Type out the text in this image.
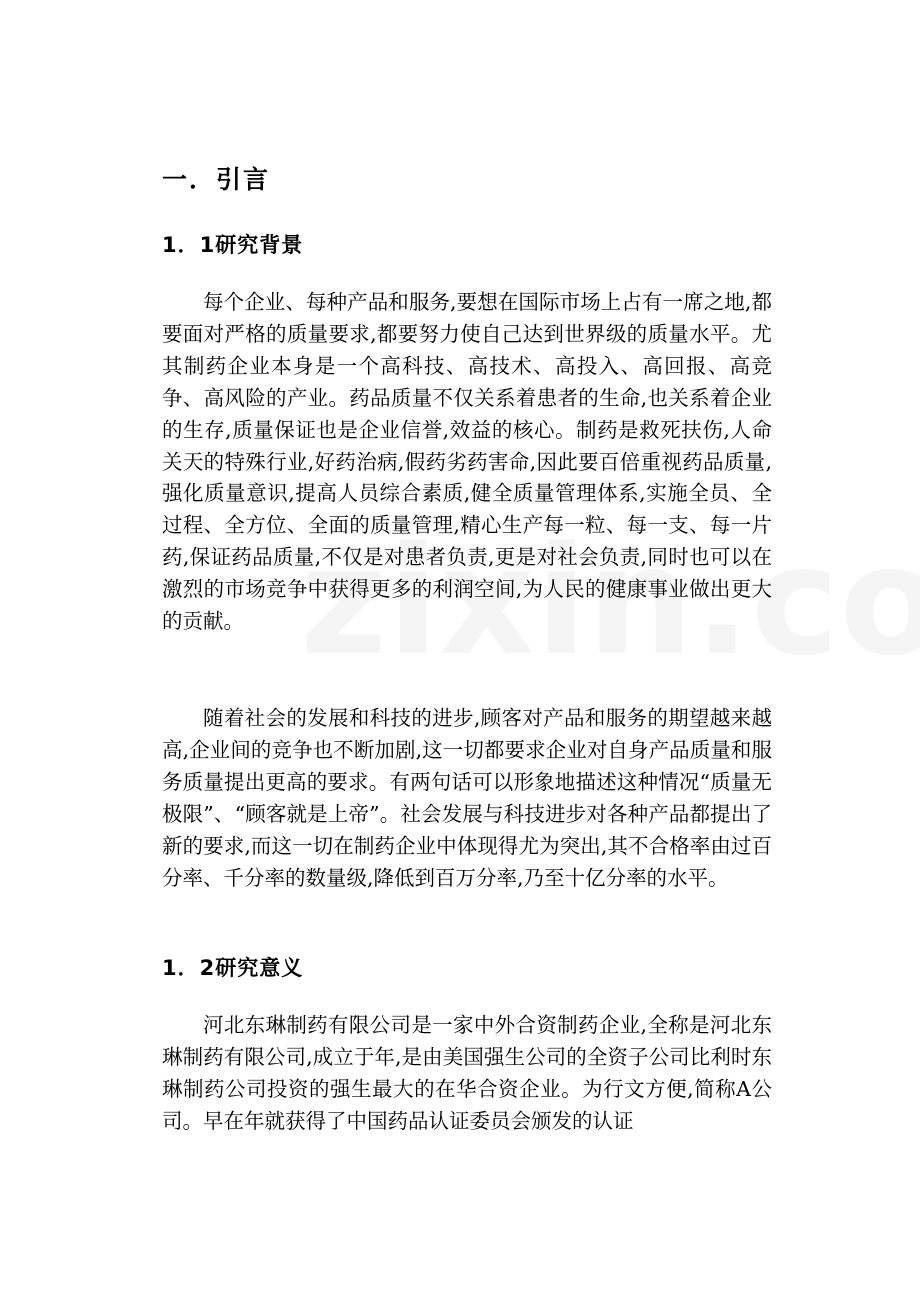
一．引言
1．1研究背景

每个企业、每种产品和服务,要想在国际市场上占有一席之地,都要面对严格的质量要求,都要努力使自己达到世界级的质量水平。尤其制药企业本身是一个高科技、高技术、高投入、高回报、高竞争、高风险的产业。药品质量不仅关系着患者的生命,也关系着企业的生存,质量保证也是企业信誉,效益的核心。制药是救死扶伤,人命关天的特殊行业,好药治病,假药劣药害命,因此要百倍重视药品质量,强化质量意识,提高人员综合素质,健全质量管理体系,实施全员、全过程、全方位、全面的质量管理,精心生产每一粒、每一支、每一片药,保证药品质量,不仅是对患者负责,更是对社会负责,同时也可以在激烈的市场竞争中获得更多的利润空间,为人民的健康事业做出更大的贡献。

随着社会的发展和科技的进步,顾客对产品和服务的期望越来越高,企业间的竞争也不断加剧,这一切都要求企业对自身产品质量和服务质量提出更高的要求。有两句话可以形象地描述这种情况“质量无极限”、“顾客就是上帝”。社会发展与科技进步对各种产品都提出了新的要求,而这一切在制药企业中体现得尤为突出,其不合格率由过百分率、千分率的数量级,降低到百万分率,乃至十亿分率的水平。

1．2研究意义

河北东琳制药有限公司是一家中外合资制药企业,全称是河北东琳制药有限公司,成立于年,是由美国强生公司的全资子公司比利时东琳制药公司投资的强生最大的在华合资企业。为行文方便,简称A公司。早在年就获得了中国药品认证委员会颁发的认证
